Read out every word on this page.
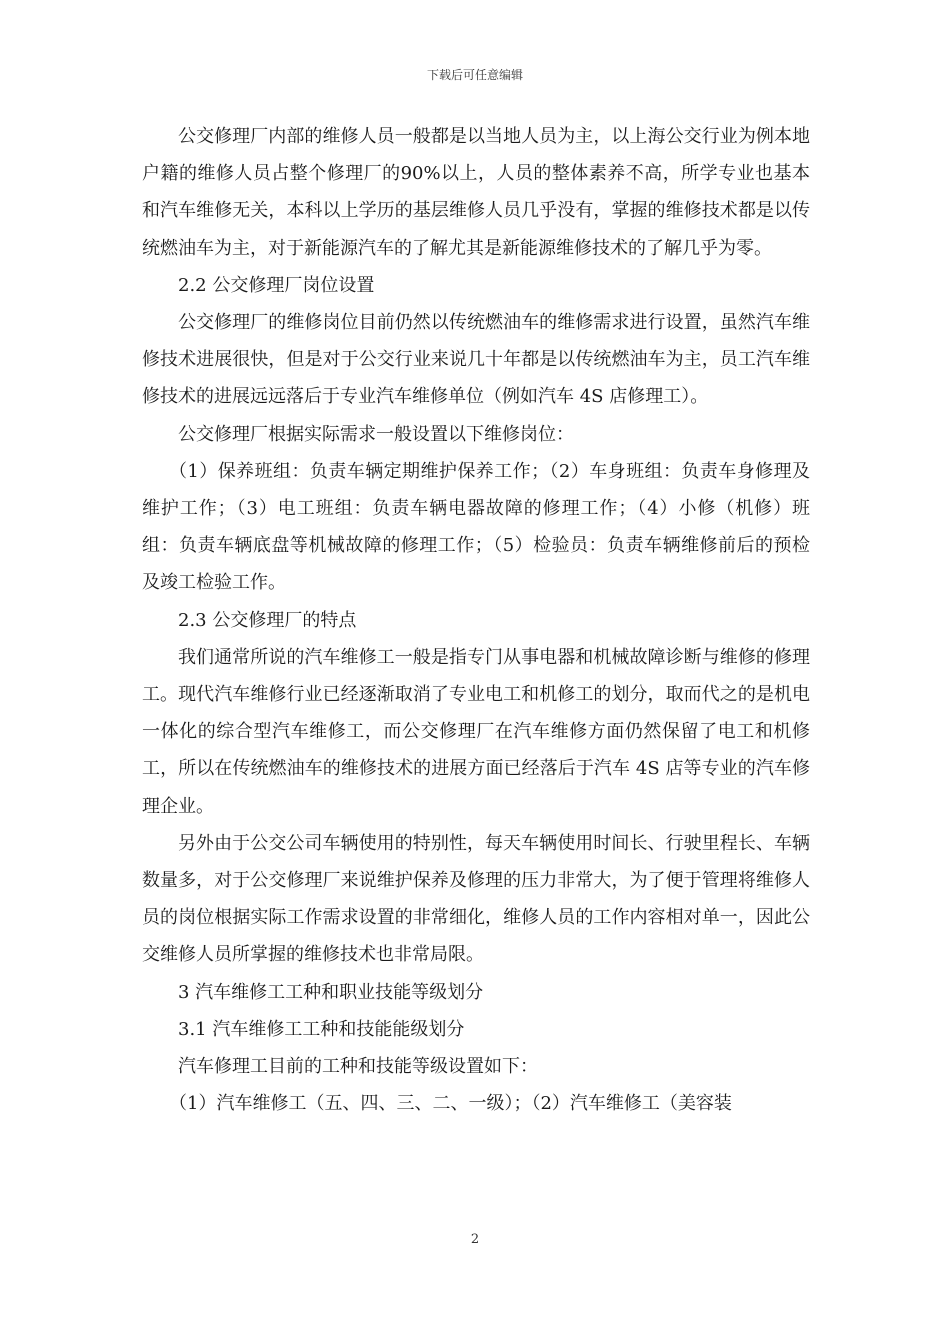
下载后可任意编辑

公交修理厂内部的维修人员一般都是以当地人员为主，以上海公交行业为例本地户籍的维修人员占整个修理厂的90%以上，人员的整体素养不高，所学专业也基本和汽车维修无关，本科以上学历的基层维修人员几乎没有，掌握的维修技术都是以传统燃油车为主，对于新能源汽车的了解尤其是新能源维修技术的了解几乎为零。

2.2 公交修理厂岗位设置

公交修理厂的维修岗位目前仍然以传统燃油车的维修需求进行设置，虽然汽车维修技术进展很快，但是对于公交行业来说几十年都是以传统燃油车为主，员工汽车维修技术的进展远远落后于专业汽车维修单位（例如汽车 4S 店修理工）。

公交修理厂根据实际需求一般设置以下维修岗位：

（1）保养班组：负责车辆定期维护保养工作；（2）车身班组：负责车身修理及维护工作；（3）电工班组：负责车辆电器故障的修理工作；（4）小修（机修）班组：负责车辆底盘等机械故障的修理工作；（5）检验员：负责车辆维修前后的预检及竣工检验工作。

2.3 公交修理厂的特点

我们通常所说的汽车维修工一般是指专门从事电器和机械故障诊断与维修的修理工。现代汽车维修行业已经逐渐取消了专业电工和机修工的划分，取而代之的是机电一体化的综合型汽车维修工，而公交修理厂在汽车维修方面仍然保留了电工和机修工，所以在传统燃油车的维修技术的进展方面已经落后于汽车 4S 店等专业的汽车修理企业。

另外由于公交公司车辆使用的特别性，每天车辆使用时间长、行驶里程长、车辆数量多，对于公交修理厂来说维护保养及修理的压力非常大，为了便于管理将维修人员的岗位根据实际工作需求设置的非常细化，维修人员的工作内容相对单一，因此公交维修人员所掌握的维修技术也非常局限。

3 汽车维修工工种和职业技能等级划分

3.1 汽车维修工工种和技能能级划分

汽车修理工目前的工种和技能等级设置如下：

（1）汽车维修工（五、四、三、二、一级）；（2）汽车维修工（美容装

2
